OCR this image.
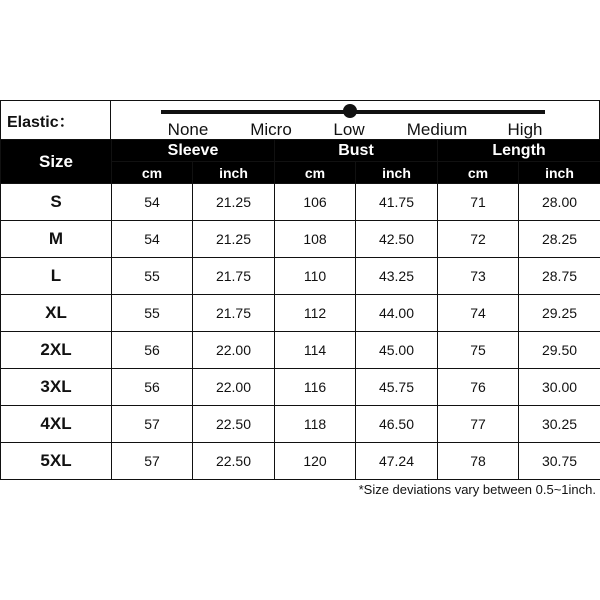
Elastic：	None Micro Low Medium High
Size	Sleeve		Bust		Length	
	cm	inch	cm	inch	cm	inch
S	54	21.25	106	41.75	71	28.00
M	54	21.25	108	42.50	72	28.25
L	55	21.75	110	43.25	73	28.75
XL	55	21.75	112	44.00	74	29.25
2XL	56	22.00	114	45.00	75	29.50
3XL	56	22.00	116	45.75	76	30.00
4XL	57	22.50	118	46.50	77	30.25
5XL	57	22.50	120	47.24	78	30.75
*Size deviations vary between 0.5~1inch.
